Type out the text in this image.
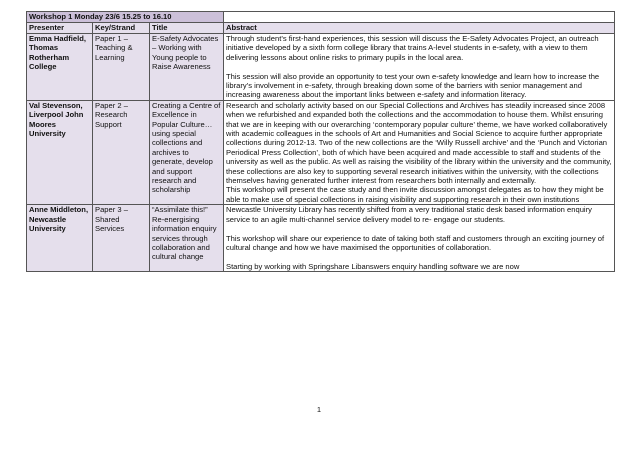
Workshop 1 Monday 23/6 15.25 to 16.10			
Presenter	Key/Strand	Title	Abstract
Emma Hadfield, Thomas Rotherham College	Paper 1 – Teaching & Learning	E-Safety Advocates – Working with Young people to Raise Awareness	Through student’s first-hand experiences, this session will discuss the E-Safety Advocates Project, an outreach initiative developed by a sixth form college library that trains A-level students in e-safety, with a view to them delivering lessons about online risks to primary pupils in the local area.
This session will also provide an opportunity to test your own e-safety knowledge and learn how to increase the library’s involvement in e-safety, through breaking down some of the barriers with senior management and increasing awareness about the important links between e-safety and information literacy.

Val Stevenson, Liverpool John Moores University	Paper 2 – Research Support	Creating a Centre of Excellence in Popular Culture… using special collections and archives to generate, develop and support research and scholarship	Research and scholarly activity based on our Special Collections and Archives has steadily increased since 2008 when we refurbished and expanded both the collections and the accommodation to house them. Whilst ensuring that we are in keeping with our overarching ‘contemporary popular culture’ theme, we have worked collaboratively with academic colleagues in the schools of Art and Humanities and Social Science to acquire further appropriate collections during 2012-13. Two of the new collections are the ‘Willy Russell archive’ and the ‘Punch and Victorian Periodical Press Collection’, both of which have been acquired and made accessible to staff and students of the university as well as the public. As well as raising the visibility of the library within the university and the community, these collections are also key to supporting several research initiatives within the university, with the collections themselves having generated further interest from researchers both internally and externally.
This workshop will present the case study and then invite discussion amongst delegates as to how they might be able to make use of special collections in raising visibility and supporting research in their own institutions

Anne Middleton, Newcastle University	Paper 3 – Shared Services	“Assimilate this!” Re-energising information enquiry services through collaboration and cultural change	Newcastle University Library has recently shifted from a very traditional static desk based information enquiry service to an agile multi-channel service delivery model to re- engage our students.
This workshop will share our experience to date of taking both staff and customers through an exciting journey of cultural change and how we have maximised the opportunities of collaboration.
Starting by working with Springshare Libanswers enquiry handling software we are now
1
